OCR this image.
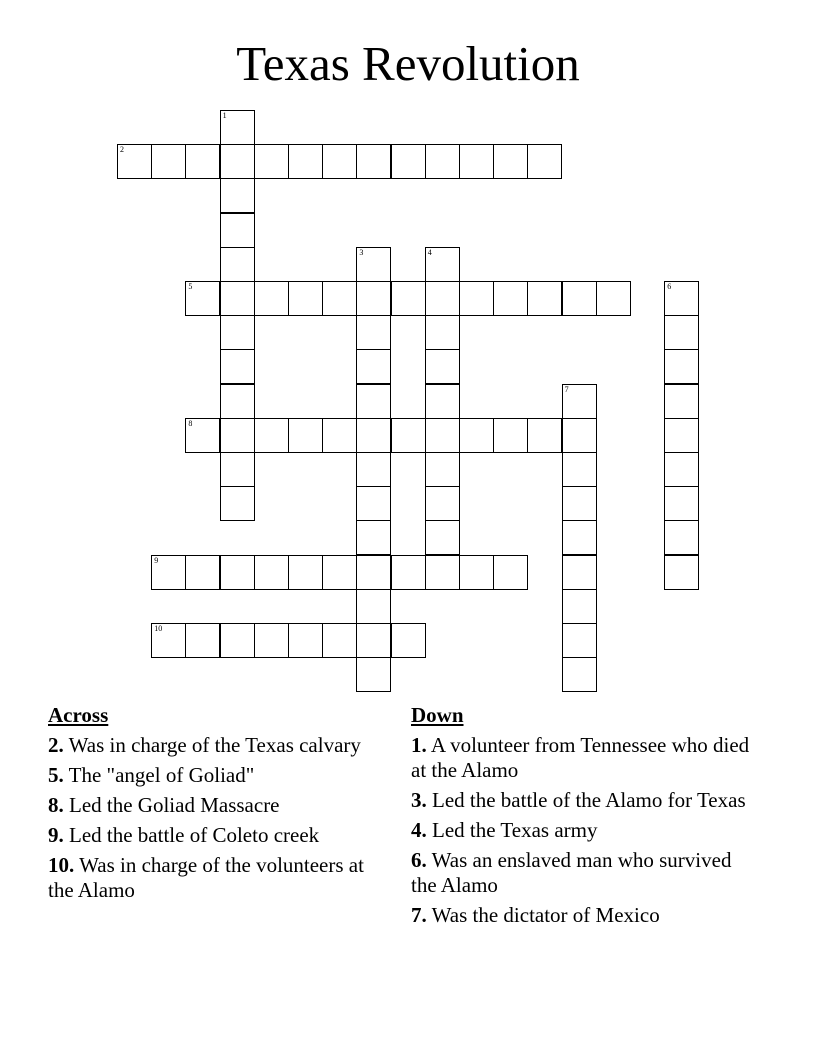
Texas Revolution
1
2
3	4
5	6
7
8
9
10
Across
2. Was in charge of the Texas calvary
5. The "angel of Goliad"
8. Led the Goliad Massacre
9. Led the battle of Coleto creek
10. Was in charge of the volunteers at the Alamo
Down
1. A volunteer from Tennessee who died at the Alamo
3. Led the battle of the Alamo for Texas
4. Led the Texas army
6. Was an enslaved man who survived the Alamo
7. Was the dictator of Mexico
